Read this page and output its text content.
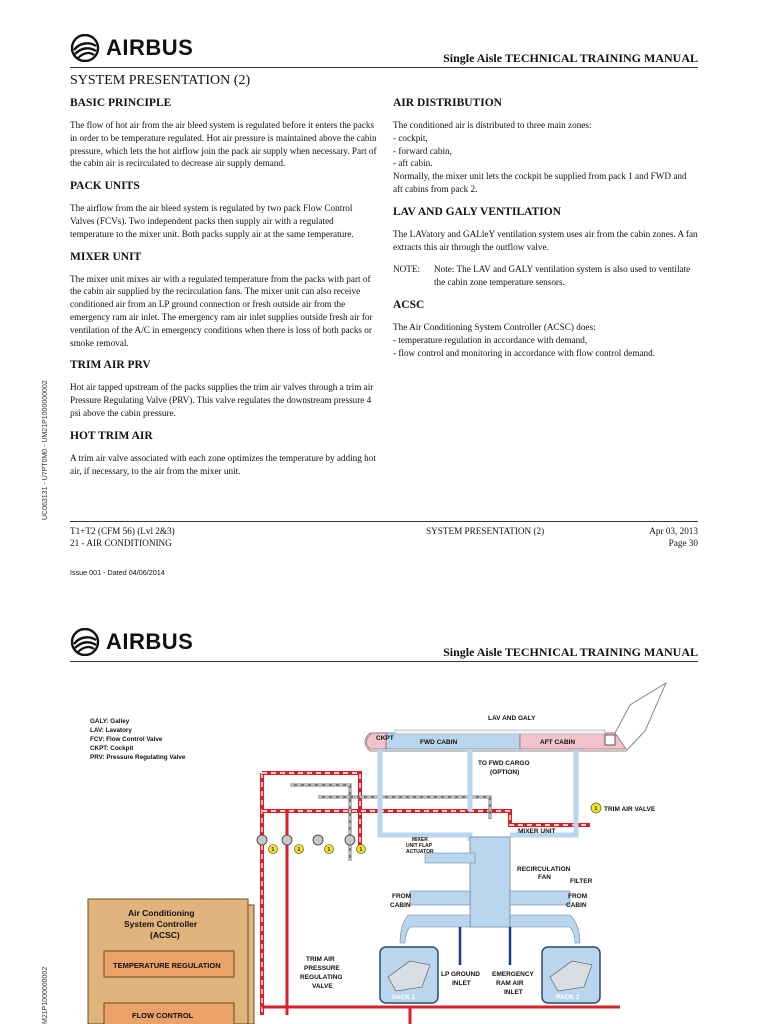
AIRBUS	Single Aisle TECHNICAL TRAINING MANUAL
SYSTEM PRESENTATION (2)
BASIC PRINCIPLE

The flow of hot air from the air bleed system is regulated before it enters the packs in order to be temperature regulated. Hot air pressure is maintained above the cabin pressure, which lets the hot airflow join the pack air supply when necessary. Part of the cabin air is recirculated to decrease air supply demand.

PACK UNITS

The airflow from the air bleed system is regulated by two pack Flow Control Valves (FCVs). Two independent packs then supply air with a regulated temperature to the mixer unit. Both packs supply air at the same temperature.

MIXER UNIT

The mixer unit mixes air with a regulated temperature from the packs with part of the cabin air supplied by the recirculation fans. The mixer unit can also receive conditioned air from an LP ground connection or fresh outside air from the emergency ram air inlet. The emergency ram air inlet supplies outside fresh air for ventilation of the A/C in emergency conditions when there is loss of both packs or smoke removal.

TRIM AIR PRV

Hot air tapped upstream of the packs supplies the trim air valves through a trim air Pressure Regulating Valve (PRV). This valve regulates the downstream pressure 4 psi above the cabin pressure.

HOT TRIM AIR

A trim air valve associated with each zone optimizes the temperature by adding hot air, if necessary, to the air from the mixer unit.

AIR DISTRIBUTION

The conditioned air is distributed to three main zones:

- cockpit,

- forward cabin,

- aft cabin.

Normally, the mixer unit lets the cockpit be supplied from pack 1 and FWD and aft cabins from pack 2.

LAV AND GALY VENTILATION

The LAVatory and GALleY ventilation system uses air from the cabin zones. A fan extracts this air through the outflow valve.

NOTE:	Note: The LAV and GALY ventilation system is also used to ventilate the cabin zone temperature sensors.
ACSC

The Air Conditioning System Controller (ACSC) does:

- temperature regulation in accordance with demand,

- flow control and monitoring in accordance with flow control demand.

T1+T2 (CFM 56) (Lvl 2&3)
21 - AIR CONDITIONING
SYSTEM PRESENTATION (2)	Apr 03, 2013
Page 30
Issue 001 - Dated 04/06/2014
UC063131 - U7PT0M0 - UM21P1000000002
AIRBUS	Single Aisle TECHNICAL TRAINING MANUAL
M21P1000000002
GALY: Galley
LAV: Lavatory
FCV: Flow Control Valve
CKPT: Cockpit
PRV: Pressure Regulating Valve
LAV AND GALY
CKPT
FWD CABIN	AFT CABIN
1	1	1	1
1
TO FWD CARGO
(OPTION)
TRIM AIR VALVE
MIXER UNIT
MIXER
UNIT FLAP
ACTUATOR
RECIRCULATION
FAN
FILTER
FROM
CABIN
FROM
CABIN
Air Conditioning
System Controller
(ACSC)
TEMPERATURE REGULATION
FLOW CONTROL
TRIM AIR
PRESSURE
REGULATING
VALVE
LP GROUND
INLET
EMERGENCY
RAM AIR
INLET
PACK 1	PACK 2
